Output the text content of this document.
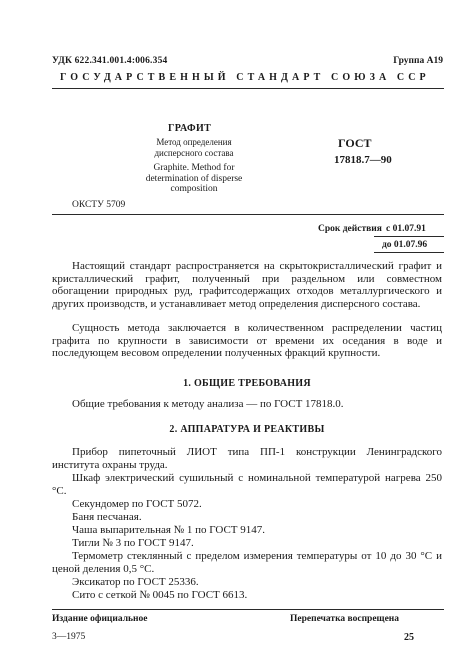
УДК 622.341.001.4:006.354	Группа А19
ГОСУДАРСТВЕННЫЙ СТАНДАРТ СОЮЗА ССР
ГРАФИТ
Метод определения дисперсного состава
Graphite. Method for determination of disperse composition
ГОСТ
17818.7—90
ОКСТУ 5709
Срок действия с 01.07.91
до 01.07.96
Настоящий стандарт распространяется на скрытокристаллический графит и кристаллический графит, полученный при раздельном или совместном обогащении природных руд, графитсодержащих отходов металлургического и других производств, и устанавливает метод определения дисперсного состава.
Сущность метода заключается в количественном распределении частиц графита по крупности в зависимости от времени их оседания в воде и последующем весовом определении полученных фракций крупности.
1. ОБЩИЕ ТРЕБОВАНИЯ
Общие требования к методу анализа — по ГОСТ 17818.0.
2. АППАРАТУРА И РЕАКТИВЫ
Прибор пипеточный ЛИОТ типа ПП-1 конструкции Ленинградского института охраны труда.
Шкаф электрический сушильный с номинальной температурой нагрева 250 °С.
Секундомер по ГОСТ 5072.
Баня песчаная.
Чаша выпарительная № 1 по ГОСТ 9147.
Тигли № 3 по ГОСТ 9147.
Термометр стеклянный с пределом измерения температуры от 10 до 30 °С и ценой деления 0,5 °С.
Эксикатор по ГОСТ 25336.
Сито с сеткой № 0045 по ГОСТ 6613.
Издание официальное	Перепечатка воспрещена
3—1975	25
